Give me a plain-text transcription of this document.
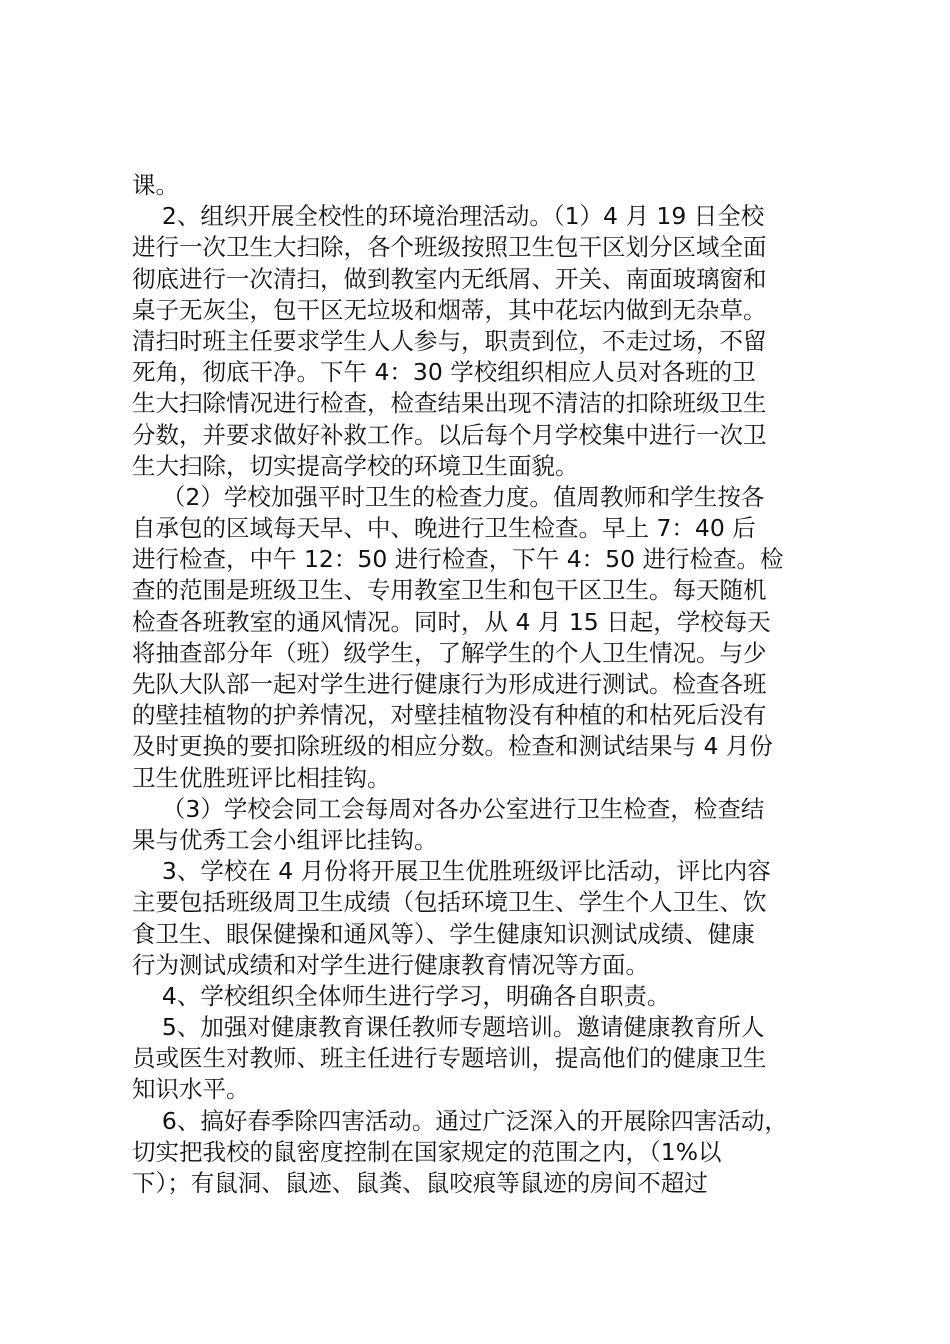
课。
2、组织开展全校性的环境治理活动。（1）4 月 19 日全校
进行一次卫生大扫除，各个班级按照卫生包干区划分区域全面
彻底进行一次清扫，做到教室内无纸屑、开关、南面玻璃窗和
桌子无灰尘，包干区无垃圾和烟蒂，其中花坛内做到无杂草。
清扫时班主任要求学生人人参与，职责到位，不走过场，不留
死角，彻底干净。下午 4：30 学校组织相应人员对各班的卫
生大扫除情况进行检查，检查结果出现不清洁的扣除班级卫生
分数，并要求做好补救工作。以后每个月学校集中进行一次卫
生大扫除，切实提高学校的环境卫生面貌。
（2）学校加强平时卫生的检查力度。值周教师和学生按各
自承包的区域每天早、中、晚进行卫生检查。早上 7：40 后
进行检查，中午 12：50 进行检查，下午 4：50 进行检查。检
查的范围是班级卫生、专用教室卫生和包干区卫生。每天随机
检查各班教室的通风情况。同时，从 4 月 15 日起，学校每天
将抽查部分年（班）级学生，了解学生的个人卫生情况。与少
先队大队部一起对学生进行健康行为形成进行测试。检查各班
的壁挂植物的护养情况，对壁挂植物没有种植的和枯死后没有
及时更换的要扣除班级的相应分数。检查和测试结果与 4 月份
卫生优胜班评比相挂钩。
（3）学校会同工会每周对各办公室进行卫生检查，检查结
果与优秀工会小组评比挂钩。
3、学校在 4 月份将开展卫生优胜班级评比活动，评比内容
主要包括班级周卫生成绩（包括环境卫生、学生个人卫生、饮
食卫生、眼保健操和通风等）、学生健康知识测试成绩、健康
行为测试成绩和对学生进行健康教育情况等方面。
4、学校组织全体师生进行学习，明确各自职责。
5、加强对健康教育课任教师专题培训。邀请健康教育所人
员或医生对教师、班主任进行专题培训，提高他们的健康卫生
知识水平。
6、搞好春季除四害活动。通过广泛深入的开展除四害活动，
切实把我校的鼠密度控制在国家规定的范围之内，（1%以
下）；有鼠洞、鼠迹、鼠粪、鼠咬痕等鼠迹的房间不超过
